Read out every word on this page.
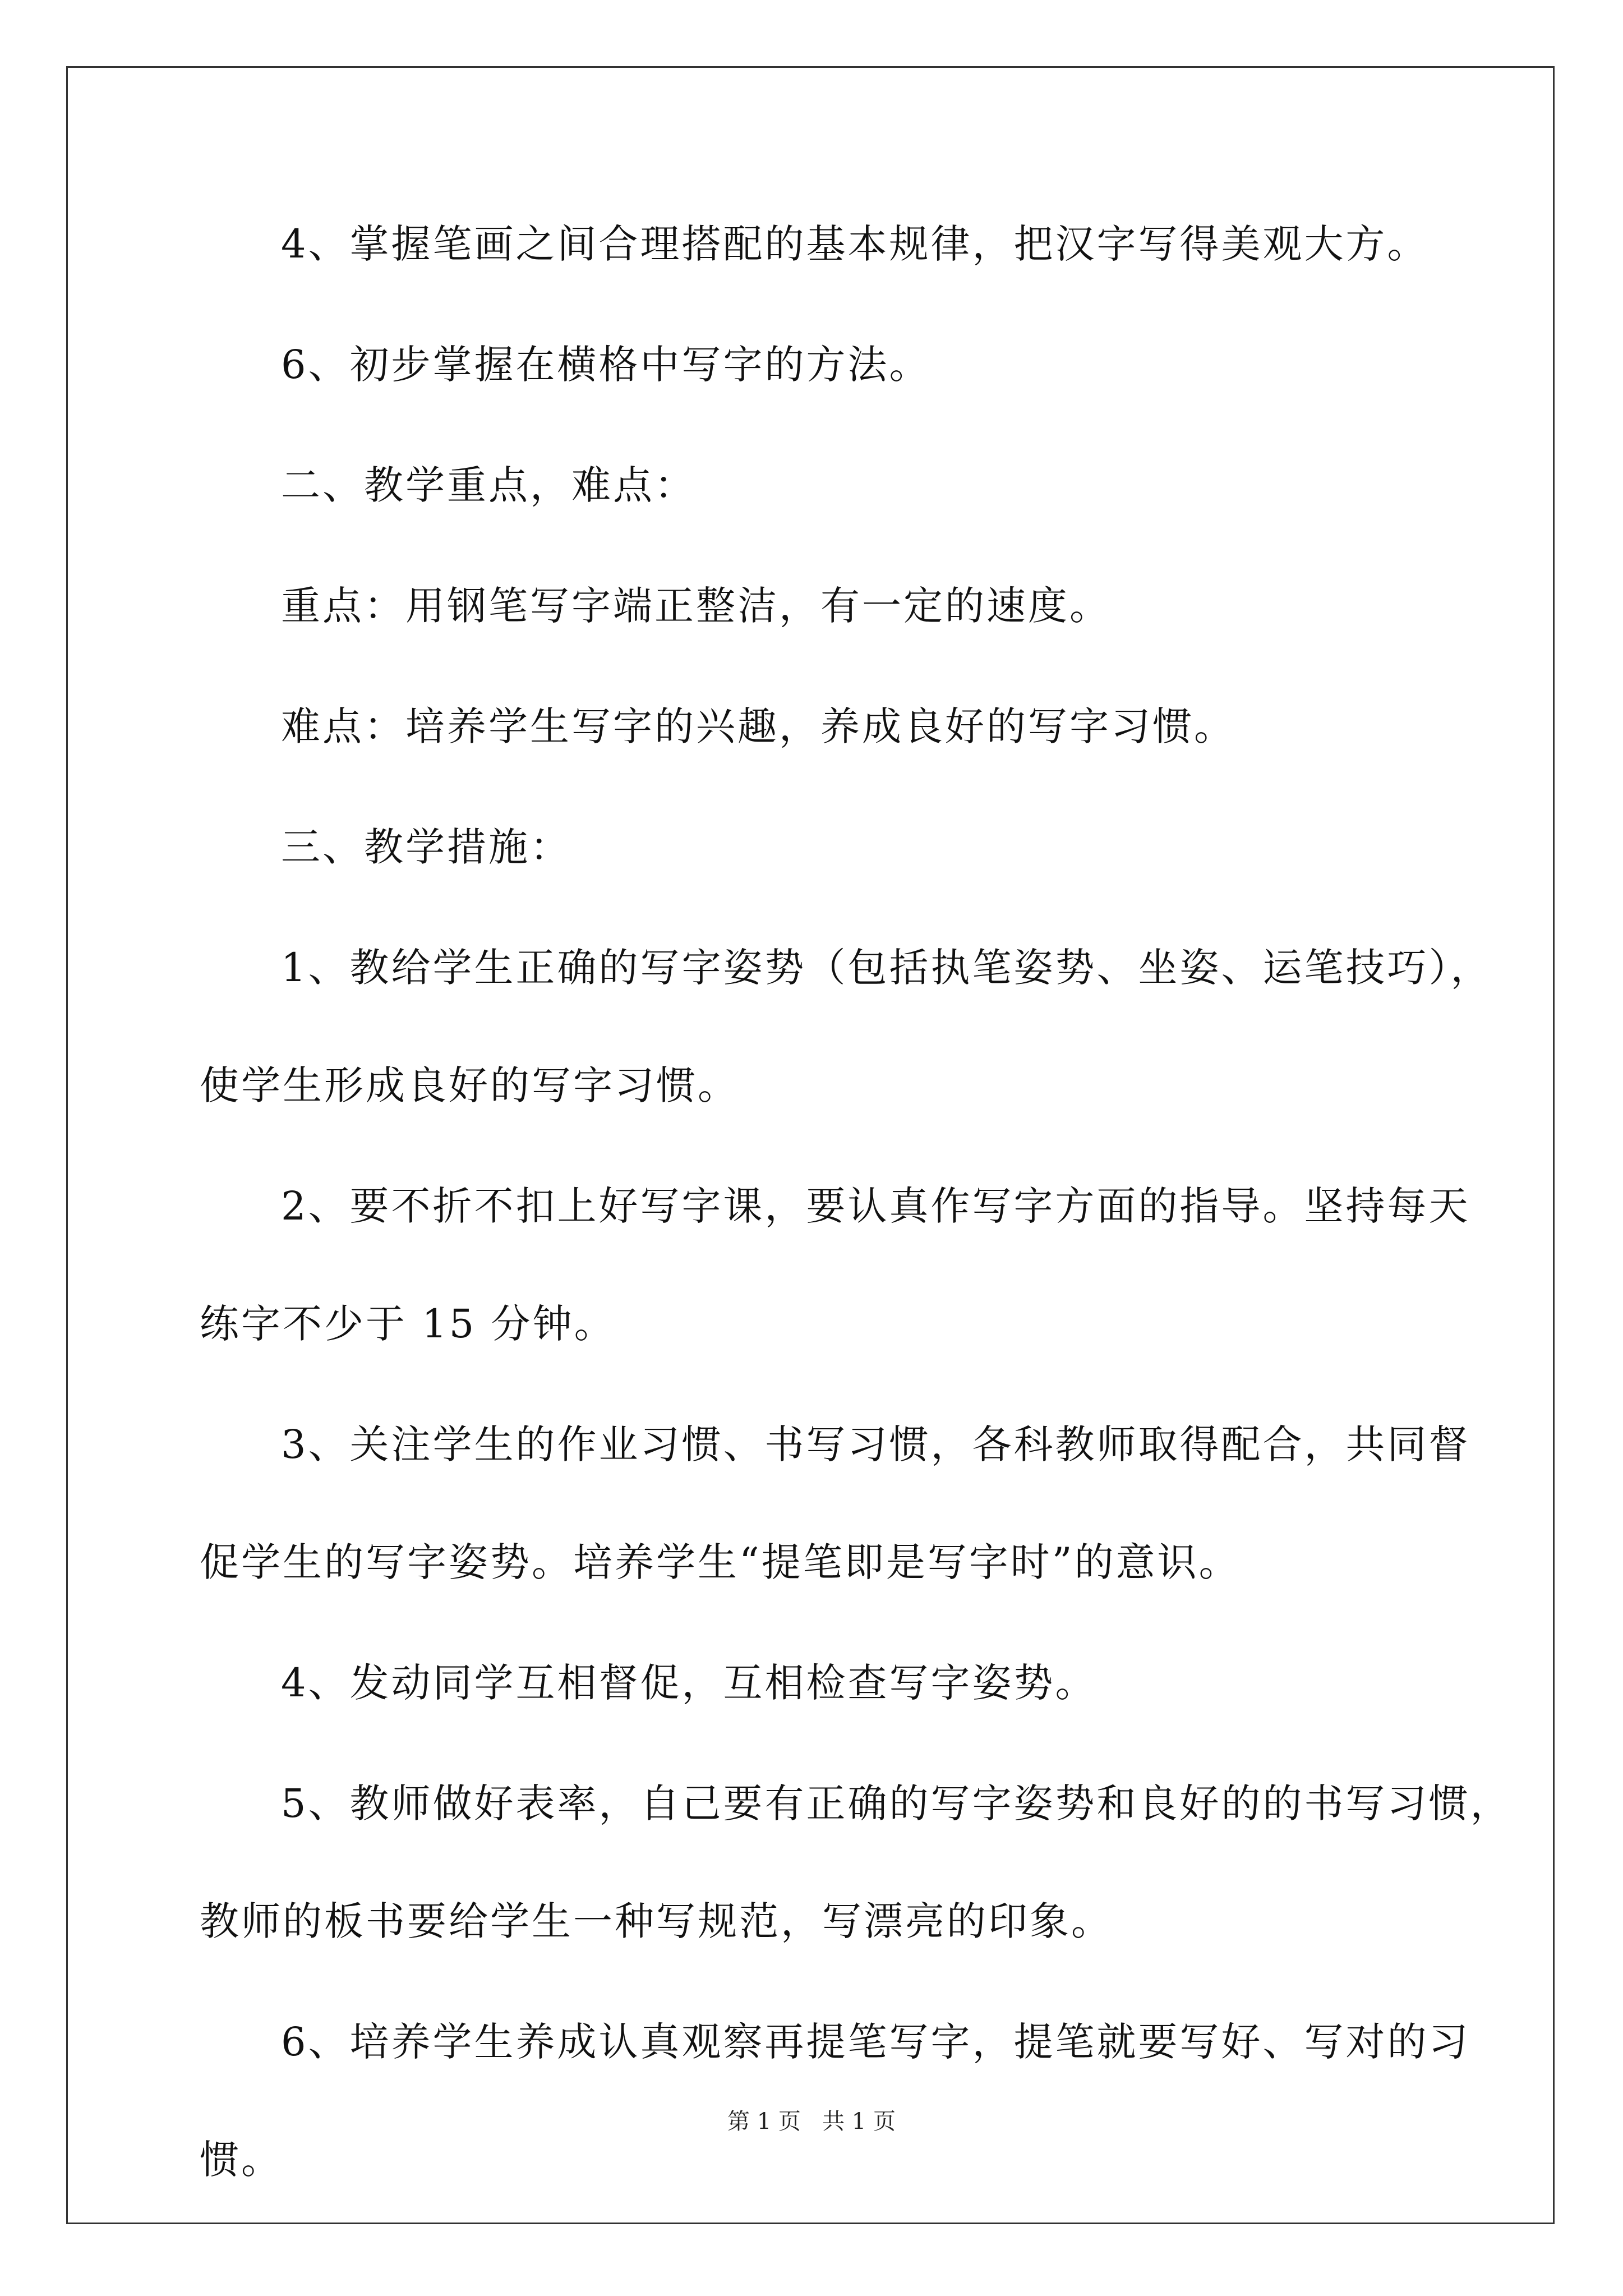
4、掌握笔画之间合理搭配的基本规律，把汉字写得美观大方。
6、初步掌握在横格中写字的方法。
二、教学重点，难点：
重点：用钢笔写字端正整洁，有一定的速度。
难点：培养学生写字的兴趣，养成良好的写字习惯。
三、教学措施：
1、教给学生正确的写字姿势（包括执笔姿势、坐姿、运笔技巧），
使学生形成良好的写字习惯。
2、要不折不扣上好写字课，要认真作写字方面的指导。坚持每天
练字不少于 15 分钟。
3、关注学生的作业习惯、书写习惯，各科教师取得配合，共同督
促学生的写字姿势。培养学生“提笔即是写字时”的意识。
4、发动同学互相督促，互相检查写字姿势。
5、教师做好表率，自己要有正确的写字姿势和良好的的书写习惯，
教师的板书要给学生一种写规范，写漂亮的印象。
6、培养学生养成认真观察再提笔写字，提笔就要写好、写对的习
惯。
第 1 页   共 1 页
